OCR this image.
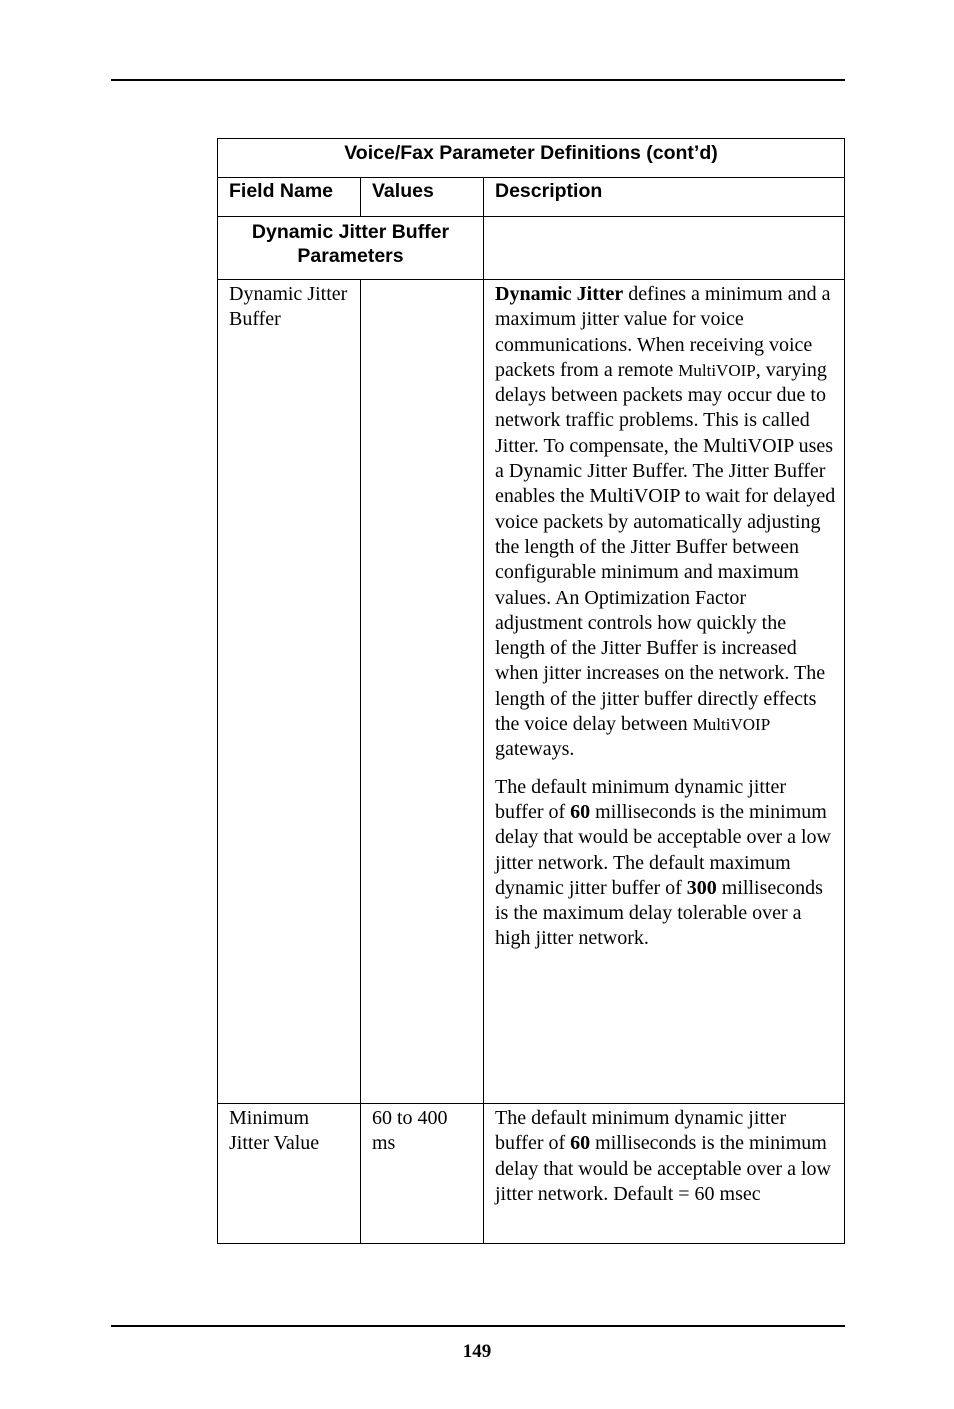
Voice/Fax Parameter Definitions (cont’d)		
Field Name	Values	Description

Dynamic Jitter Buffer Parameters		

Dynamic Jitter Buffer		Dynamic Jitter defines a minimum and a maximum jitter value for voice communications. When receiving voice packets from a remote MultiVOIP, varying delays between packets may occur due to network traffic problems. This is called Jitter. To compensate, the MultiVOIP uses a Dynamic Jitter Buffer. The Jitter Buffer enables the MultiVOIP to wait for delayed voice packets by automatically adjusting the length of the Jitter Buffer between configurable minimum and maximum values. An Optimization Factor adjustment controls how quickly the length of the Jitter Buffer is increased when jitter increases on the network. The length of the jitter buffer directly effects the voice delay between MultiVOIP gateways.

The default minimum dynamic jitter buffer of 60 milliseconds is the minimum delay that would be acceptable over a low jitter network. The default maximum dynamic jitter buffer of 300 milliseconds is the maximum delay tolerable over a high jitter network.

Minimum Jitter Value	60 to 400 ms	The default minimum dynamic jitter buffer of 60 milliseconds is the minimum delay that would be acceptable over a low jitter network. Default = 60 msec

149
